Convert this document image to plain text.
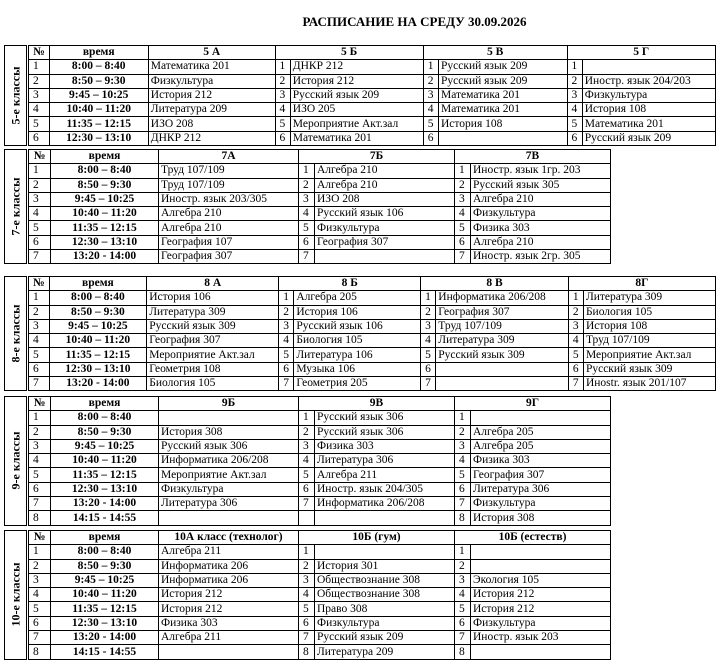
РАСПИСАНИЕ НА СРЕДУ 30.09.2026
5-е классы
№	время	5 А	5 Б		5 В		5 Г	
1	8:00 – 8:40	Математика 201	1	ДНКР 212	1	Русский язык 209	1	
2	8:50 – 9:30	Физкультура	2	История 212	2	Русский язык 209	2	Иностр. язык 204/203
3	9:45 – 10:25	История 212	3	Русский язык 209	3	Математика 201	3	Физкультура
4	10:40 – 11:20	Литература 209	4	ИЗО 205	4	Математика 201	4	История 108
5	11:35 – 12:15	ИЗО 208	5	Мероприятие Акт.зал	5	История 108	5	Математика 201
6	12:30 – 13:10	ДНКР 212	6	Математика 201	6		6	Русский язык 209
7-е классы
№	время	7А	7Б		7В	
1	8:00 – 8:40	Труд 107/109	1	Алгебра 210	1	Иностр. язык 1гр. 203
2	8:50 – 9:30	Труд 107/109	2	Алгебра 210	2	Русский язык 305
3	9:45 – 10:25	Иностр. язык 203/305	3	ИЗО 208	3	Алгебра 210
4	10:40 – 11:20	Алгебра 210	4	Русский язык 106	4	Физкультура
5	11:35 – 12:15	Алгебра 210	5	Физкультура	5	Физика 303
6	12:30 – 13:10	География 107	6	География 307	6	Алгебра 210
7	13:20 - 14:00	География 307	7		7	Иностр. язык 2гр. 305
8-е классы
№	время	8 А	8 Б		8 В		8Г	
1	8:00 – 8:40	История 106	1	Алгебра 205	1	Информатика 206/208	1	Литература 309
2	8:50 – 9:30	Литература 309	2	История 106	2	География 307	2	Биология 105
3	9:45 – 10:25	Русский язык 309	3	Русский язык 106	3	Труд 107/109	3	История 108
4	10:40 – 11:20	География 307	4	Биология 105	4	Литература 309	4	Труд 107/109
5	11:35 – 12:15	Мероприятие Акт.зал	5	Литература 106	5	Русский язык 309	5	Мероприятие Акт.зал
6	12:30 – 13:10	Геометрия 108	6	Музыка 106	6		6	Русский язык 309
7	13:20 - 14:00	Биология 105	7	Геометрия 205	7		7	Инostr. язык 201/107
9-е классы
№	время	9Б	9В		9Г	
1	8:00 – 8:40		1	Русский язык 306	1	
2	8:50 – 9:30	История 308	2	Русский язык 306	2	Алгебра 205
3	9:45 – 10:25	Русский язык 306	3	Физика 303	3	Алгебра 205
4	10:40 – 11:20	Информатика 206/208	4	Литература 306	4	Физика 303
5	11:35 – 12:15	Мероприятие Акт.зал	5	Алгебра 211	5	География 307
6	12:30 – 13:10	Физкультура	6	Иностр. язык 204/305	6	Литература 306
7	13:20 - 14:00	Литература 306	7	Информатика 206/208	7	Физкультура
8	14:15 - 14:55				8	История 308
10-е классы
№	время	10А класс (технолог)	10Б (гум)		10Б (естеств)	
1	8:00 – 8:40	Алгебра 211	1		1	
2	8:50 – 9:30	Информатика 206	2	История 301	2	
3	9:45 – 10:25	Информатика 206	3	Обществознание 308	3	Экология 105
4	10:40 – 11:20	История 212	4	Обществознание 308	4	История 212
5	11:35 – 12:15	История 212	5	Право 308	5	История 212
6	12:30 – 13:10	Физика 303	6	Физкультура	6	Физкультура
7	13:20 - 14:00	Алгебра 211	7	Русский язык 209	7	Иностр. язык 203
8	14:15 - 14:55		8	Литература 209	8	
